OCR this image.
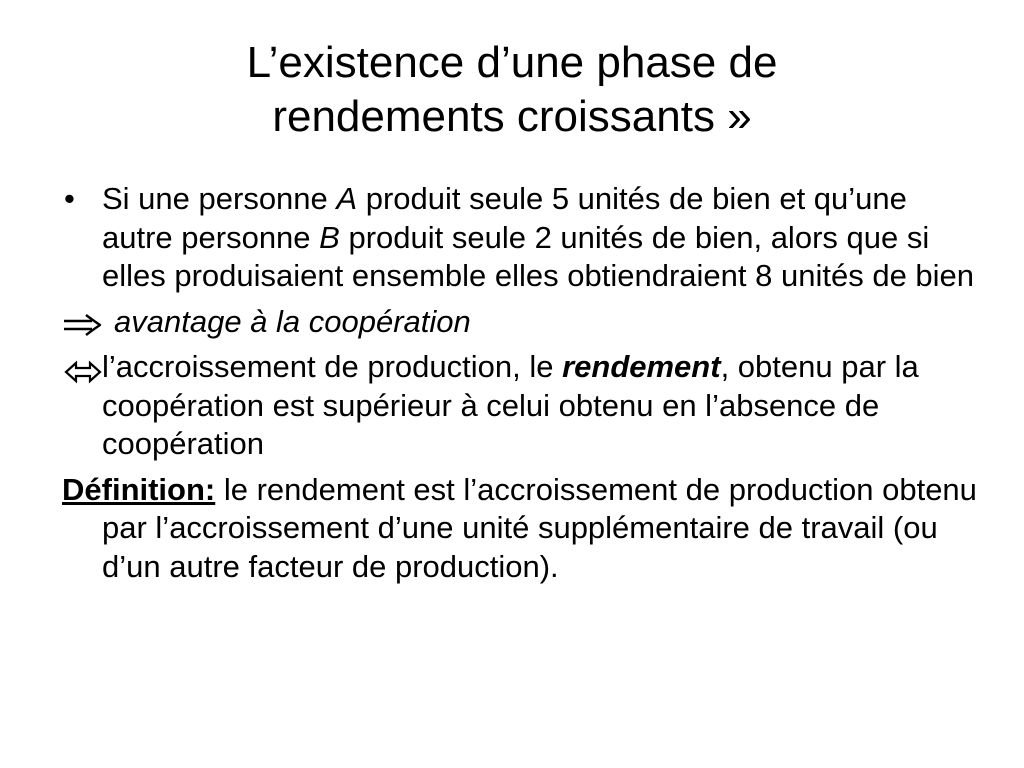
L’existence d’une phase de
rendements croissants »

• Si une personne A produit seule 5 unités de bien et qu’une autre personne B produit seule 2 unités de bien, alors que si elles produisaient ensemble elles obtiendraient 8 unités de bien

avantage à la coopération

l’accroissement de production, le rendement, obtenu par la coopération est supérieur à celui obtenu en l’absence de coopération

Définition: le rendement est l’accroissement de production obtenu par l’accroissement d’une unité supplémentaire de travail (ou d’un autre facteur de production).
